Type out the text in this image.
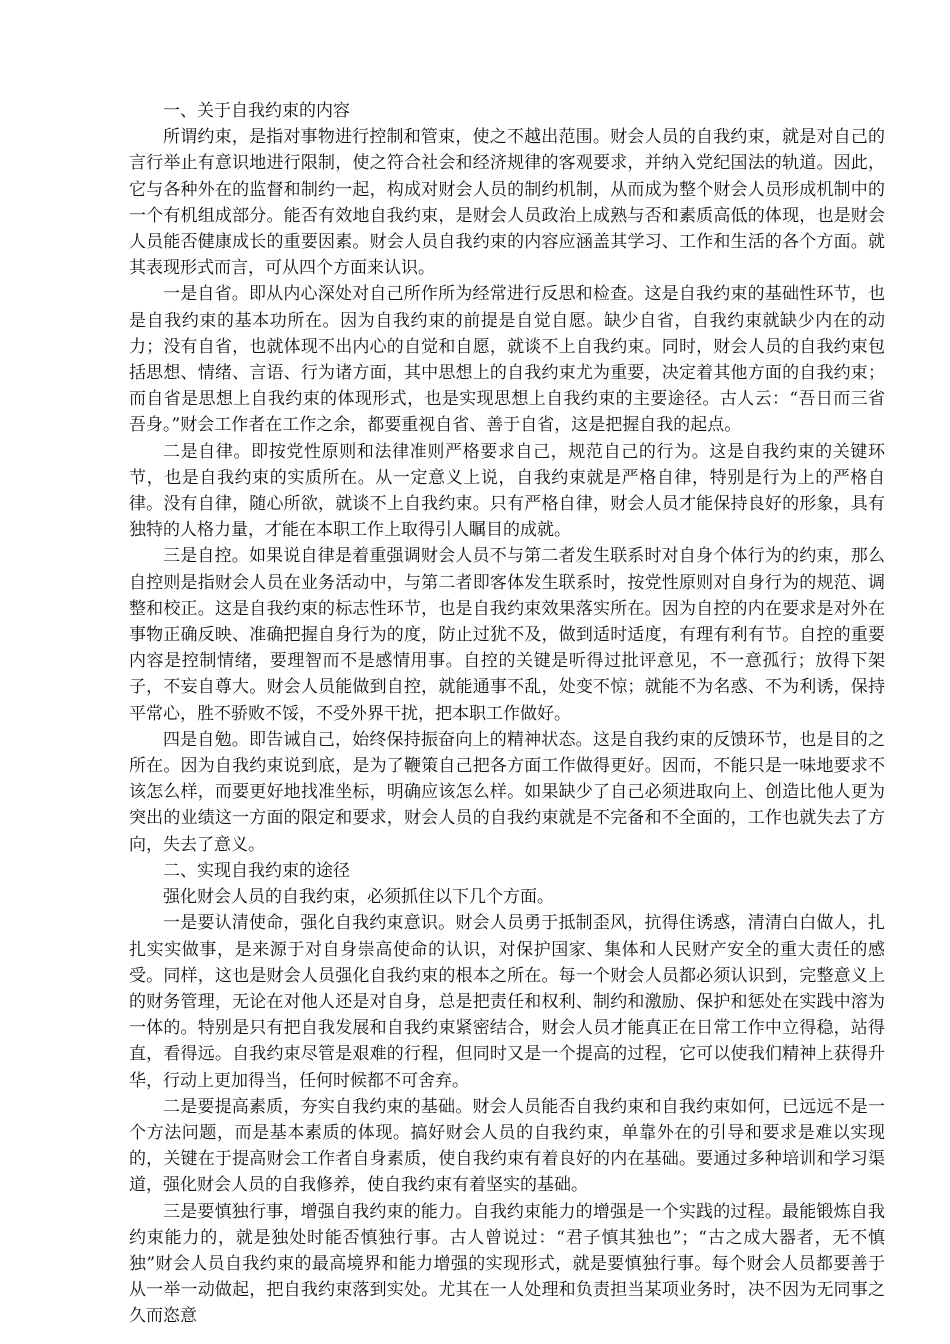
一、关于自我约束的内容

所谓约束，是指对事物进行控制和管束，使之不越出范围。财会人员的自我约束，就是对自己的言行举止有意识地进行限制，使之符合社会和经济规律的客观要求，并纳入党纪国法的轨道。因此，它与各种外在的监督和制约一起，构成对财会人员的制约机制，从而成为整个财会人员形成机制中的一个有机组成部分。能否有效地自我约束，是财会人员政治上成熟与否和素质高低的体现，也是财会人员能否健康成长的重要因素。财会人员自我约束的内容应涵盖其学习、工作和生活的各个方面。就其表现形式而言，可从四个方面来认识。

一是自省。即从内心深处对自己所作所为经常进行反思和检查。这是自我约束的基础性环节，也是自我约束的基本功所在。因为自我约束的前提是自觉自愿。缺少自省，自我约束就缺少内在的动力；没有自省，也就体现不出内心的自觉和自愿，就谈不上自我约束。同时，财会人员的自我约束包括思想、情绪、言语、行为诸方面，其中思想上的自我约束尤为重要，决定着其他方面的自我约束；而自省是思想上自我约束的体现形式，也是实现思想上自我约束的主要途径。古人云：“吾日而三省吾身。”财会工作者在工作之余，都要重视自省、善于自省，这是把握自我的起点。

二是自律。即按党性原则和法律准则严格要求自己，规范自己的行为。这是自我约束的关键环节，也是自我约束的实质所在。从一定意义上说，自我约束就是严格自律，特别是行为上的严格自律。没有自律，随心所欲，就谈不上自我约束。只有严格自律，财会人员才能保持良好的形象，具有独特的人格力量，才能在本职工作上取得引人瞩目的成就。

三是自控。如果说自律是着重强调财会人员不与第二者发生联系时对自身个体行为的约束，那么自控则是指财会人员在业务活动中，与第二者即客体发生联系时，按党性原则对自身行为的规范、调整和校正。这是自我约束的标志性环节，也是自我约束效果落实所在。因为自控的内在要求是对外在事物正确反映、准确把握自身行为的度，防止过犹不及，做到适时适度，有理有利有节。自控的重要内容是控制情绪，要理智而不是感情用事。自控的关键是听得过批评意见，不一意孤行；放得下架子，不妄自尊大。财会人员能做到自控，就能通事不乱，处变不惊；就能不为名惑、不为利诱，保持平常心，胜不骄败不馁，不受外界干扰，把本职工作做好。

四是自勉。即告诫自己，始终保持振奋向上的精神状态。这是自我约束的反馈环节，也是目的之所在。因为自我约束说到底，是为了鞭策自己把各方面工作做得更好。因而，不能只是一味地要求不该怎么样，而要更好地找准坐标，明确应该怎么样。如果缺少了自己必须进取向上、创造比他人更为突出的业绩这一方面的限定和要求，财会人员的自我约束就是不完备和不全面的，工作也就失去了方向，失去了意义。

二、实现自我约束的途径

强化财会人员的自我约束，必须抓住以下几个方面。

一是要认清使命，强化自我约束意识。财会人员勇于抵制歪风，抗得住诱惑，清清白白做人，扎扎实实做事，是来源于对自身崇高使命的认识，对保护国家、集体和人民财产安全的重大责任的感受。同样，这也是财会人员强化自我约束的根本之所在。每一个财会人员都必须认识到，完整意义上的财务管理，无论在对他人还是对自身，总是把责任和权利、制约和激励、保护和惩处在实践中溶为一体的。特别是只有把自我发展和自我约束紧密结合，财会人员才能真正在日常工作中立得稳，站得直，看得远。自我约束尽管是艰难的行程，但同时又是一个提高的过程，它可以使我们精神上获得升华，行动上更加得当，任何时候都不可舍弃。

二是要提高素质，夯实自我约束的基础。财会人员能否自我约束和自我约束如何，已远远不是一个方法问题，而是基本素质的体现。搞好财会人员的自我约束，单靠外在的引导和要求是难以实现的，关键在于提高财会工作者自身素质，使自我约束有着良好的内在基础。要通过多种培训和学习渠道，强化财会人员的自我修养，使自我约束有着坚实的基础。

三是要慎独行事，增强自我约束的能力。自我约束能力的增强是一个实践的过程。最能锻炼自我约束能力的，就是独处时能否慎独行事。古人曾说过：“君子慎其独也”；“古之成大器者，无不慎独”财会人员自我约束的最高境界和能力增强的实现形式，就是要慎独行事。每个财会人员都要善于从一举一动做起，把自我约束落到实处。尤其在一人处理和负责担当某项业务时，决不因为无同事之久而恣意
